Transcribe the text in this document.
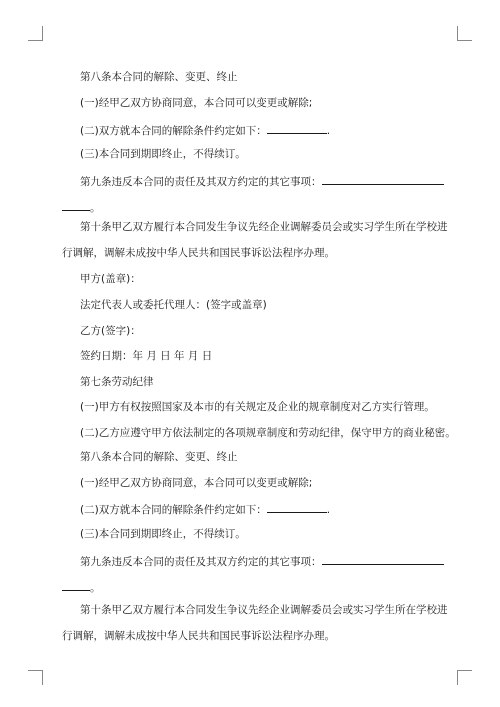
第八条本合同的解除、变更、终止
(一)经甲乙双方协商同意，本合同可以变更或解除;
(二)双方就本合同的解除条件约定如下：	.
(三)本合同到期即终止，不得续订。
第九条违反本合同的责任及其双方约定的其它事项：
。
第十条甲乙双方履行本合同发生争议先经企业调解委员会或实习学生所在学校进
行调解，调解未成按中华人民共和国民事诉讼法程序办理。
甲方(盖章)：
法定代表人或委托代理人：(签字或盖章)
乙方(签字)：
签约日期：年 月 日 年 月 日
第七条劳动纪律
(一)甲方有权按照国家及本市的有关规定及企业的规章制度对乙方实行管理。
(二)乙方应遵守甲方依法制定的各项规章制度和劳动纪律，保守甲方的商业秘密。
第八条本合同的解除、变更、终止
(一)经甲乙双方协商同意，本合同可以变更或解除;
(二)双方就本合同的解除条件约定如下：	.
(三)本合同到期即终止，不得续订。
第九条违反本合同的责任及其双方约定的其它事项：
。
第十条甲乙双方履行本合同发生争议先经企业调解委员会或实习学生所在学校进
行调解，调解未成按中华人民共和国民事诉讼法程序办理。
